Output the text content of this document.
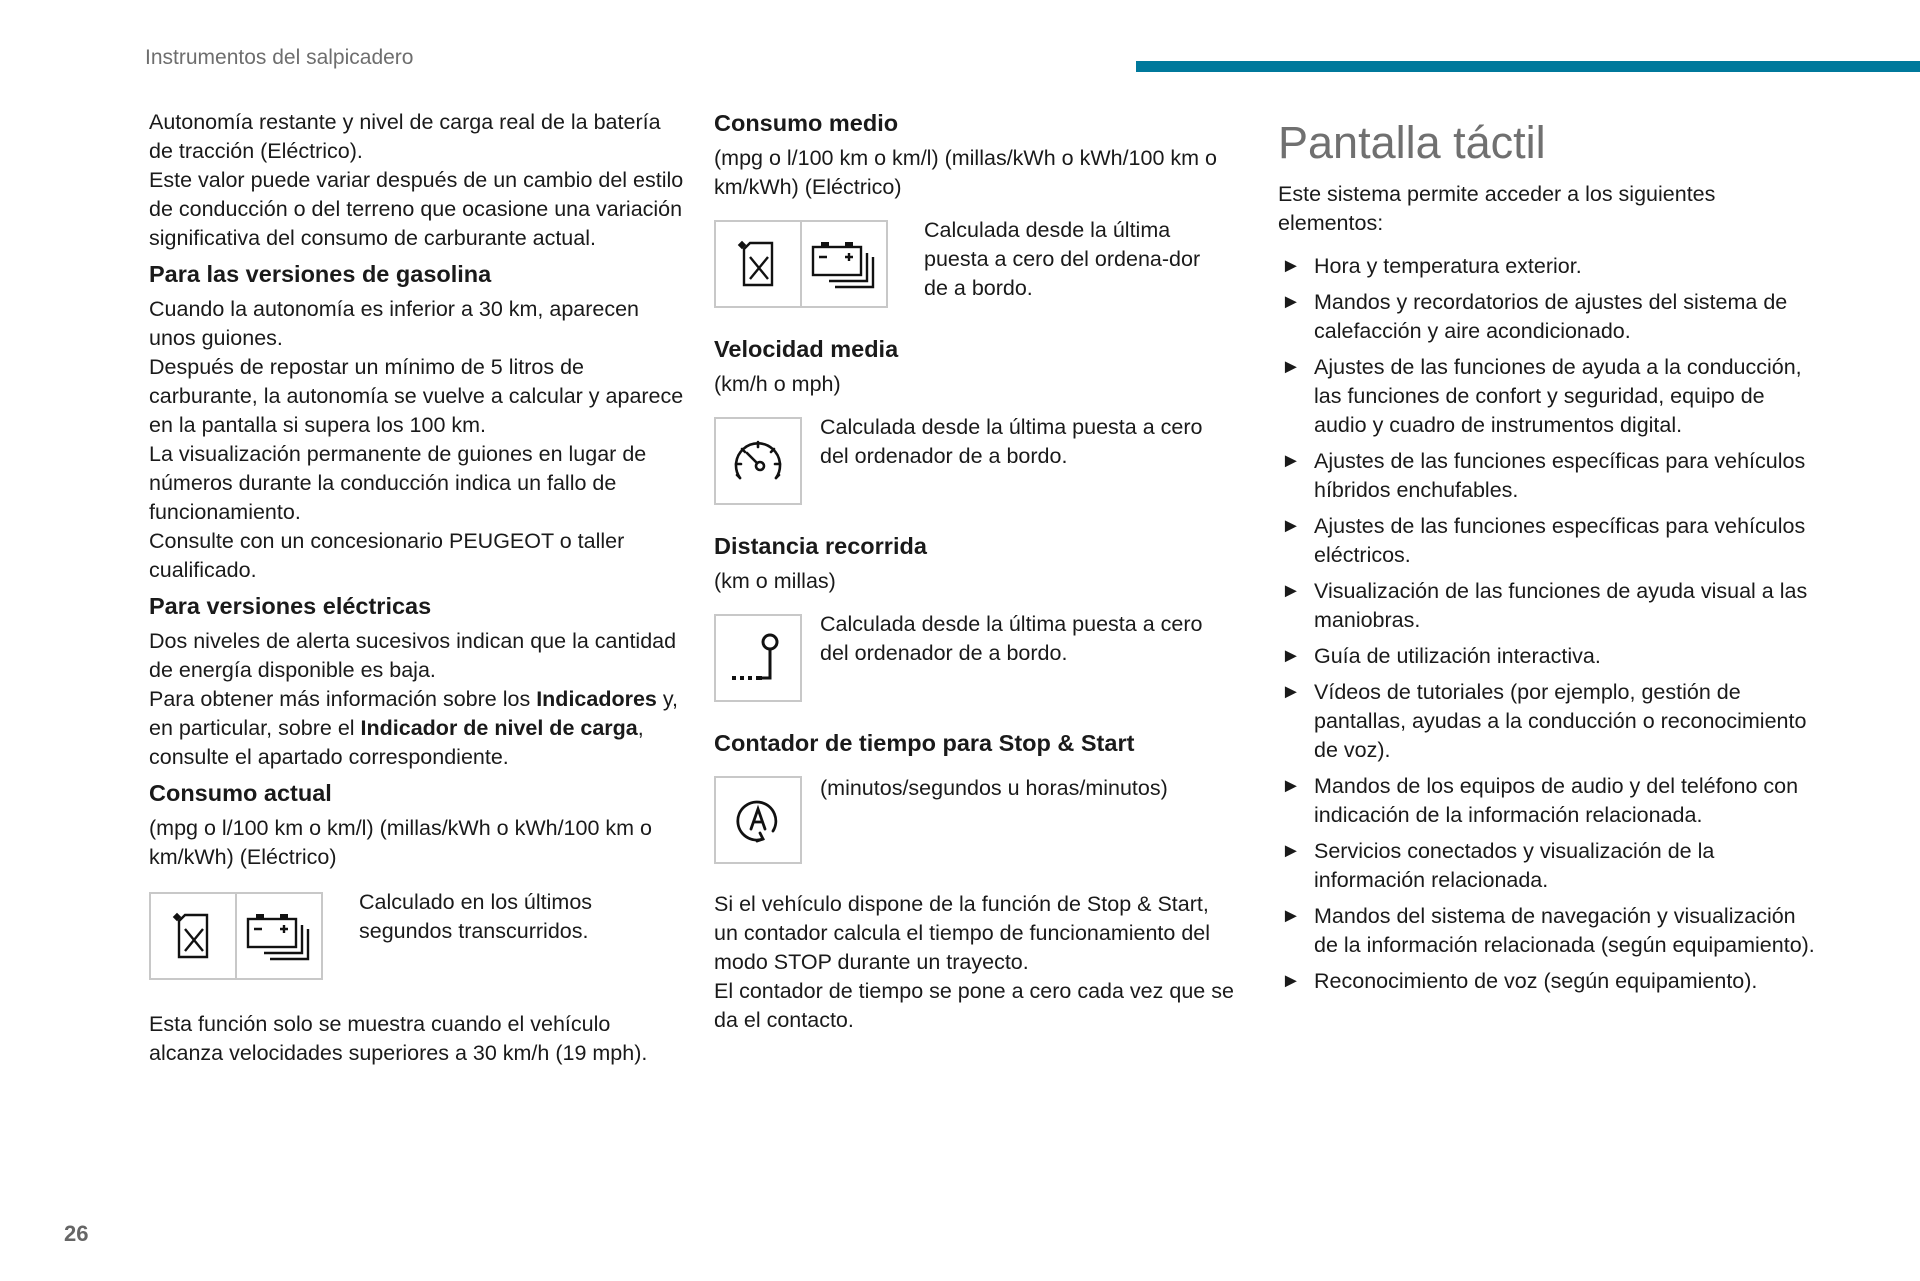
Instrumentos del salpicadero

Autonomía restante y nivel de carga real de la batería de tracción (Eléctrico).

Este valor puede variar después de un cambio del estilo de conducción o del terreno que ocasione una variación significativa del consumo de carburante actual.

Para las versiones de gasolina

Cuando la autonomía es inferior a 30 km, aparecen unos guiones.

Después de repostar un mínimo de 5 litros de carburante, la autonomía se vuelve a calcular y aparece en la pantalla si supera los 100 km.

La visualización permanente de guiones en lugar de números durante la conducción indica un fallo de funcionamiento.

Consulte con un concesionario PEUGEOT o taller cualificado.

Para versiones eléctricas

Dos niveles de alerta sucesivos indican que la cantidad de energía disponible es baja.

Para obtener más información sobre los Indicadores y, en particular, sobre el Indicador de nivel de carga, consulte el apartado correspondiente.

Consumo actual

(mpg o l/100 km o km/l) (millas/kWh o kWh/100 km o km/kWh) (Eléctrico)

Calculado en los últimos segundos transcurridos.

Esta función solo se muestra cuando el vehículo alcanza velocidades superiores a 30 km/h (19 mph).

Consumo medio

(mpg o l/100 km o km/l) (millas/kWh o kWh/100 km o km/kWh) (Eléctrico)

Calculada desde la última puesta a cero del ordena-dor de a bordo.
Velocidad media

(km/h o mph)

Calculada desde la última puesta a cero del ordenador de a bordo.
Distancia recorrida

(km o millas)

Calculada desde la última puesta a cero del ordenador de a bordo.
Contador de tiempo para Stop & Start
(minutos/segundos u horas/minutos)

Si el vehículo dispone de la función de Stop & Start, un contador calcula el tiempo de funcionamiento del modo STOP durante un trayecto.

El contador de tiempo se pone a cero cada vez que se da el contacto.

Pantalla táctil

Este sistema permite acceder a los siguientes elementos:

► Hora y temperatura exterior.
► Mandos y recordatorios de ajustes del sistema de calefacción y aire acondicionado.
► Ajustes de las funciones de ayuda a la conducción, las funciones de confort y seguridad, equipo de audio y cuadro de instrumentos digital.
► Ajustes de las funciones específicas para vehículos híbridos enchufables.
► Ajustes de las funciones específicas para vehículos eléctricos.
► Visualización de las funciones de ayuda visual a las maniobras.
► Guía de utilización interactiva.
► Vídeos de tutoriales (por ejemplo, gestión de pantallas, ayudas a la conducción o reconocimiento de voz).
► Mandos de los equipos de audio y del teléfono con indicación de la información relacionada.
► Servicios conectados y visualización de la información relacionada.
► Mandos del sistema de navegación y visualización de la información relacionada (según equipamiento).
► Reconocimiento de voz (según equipamiento).
26
